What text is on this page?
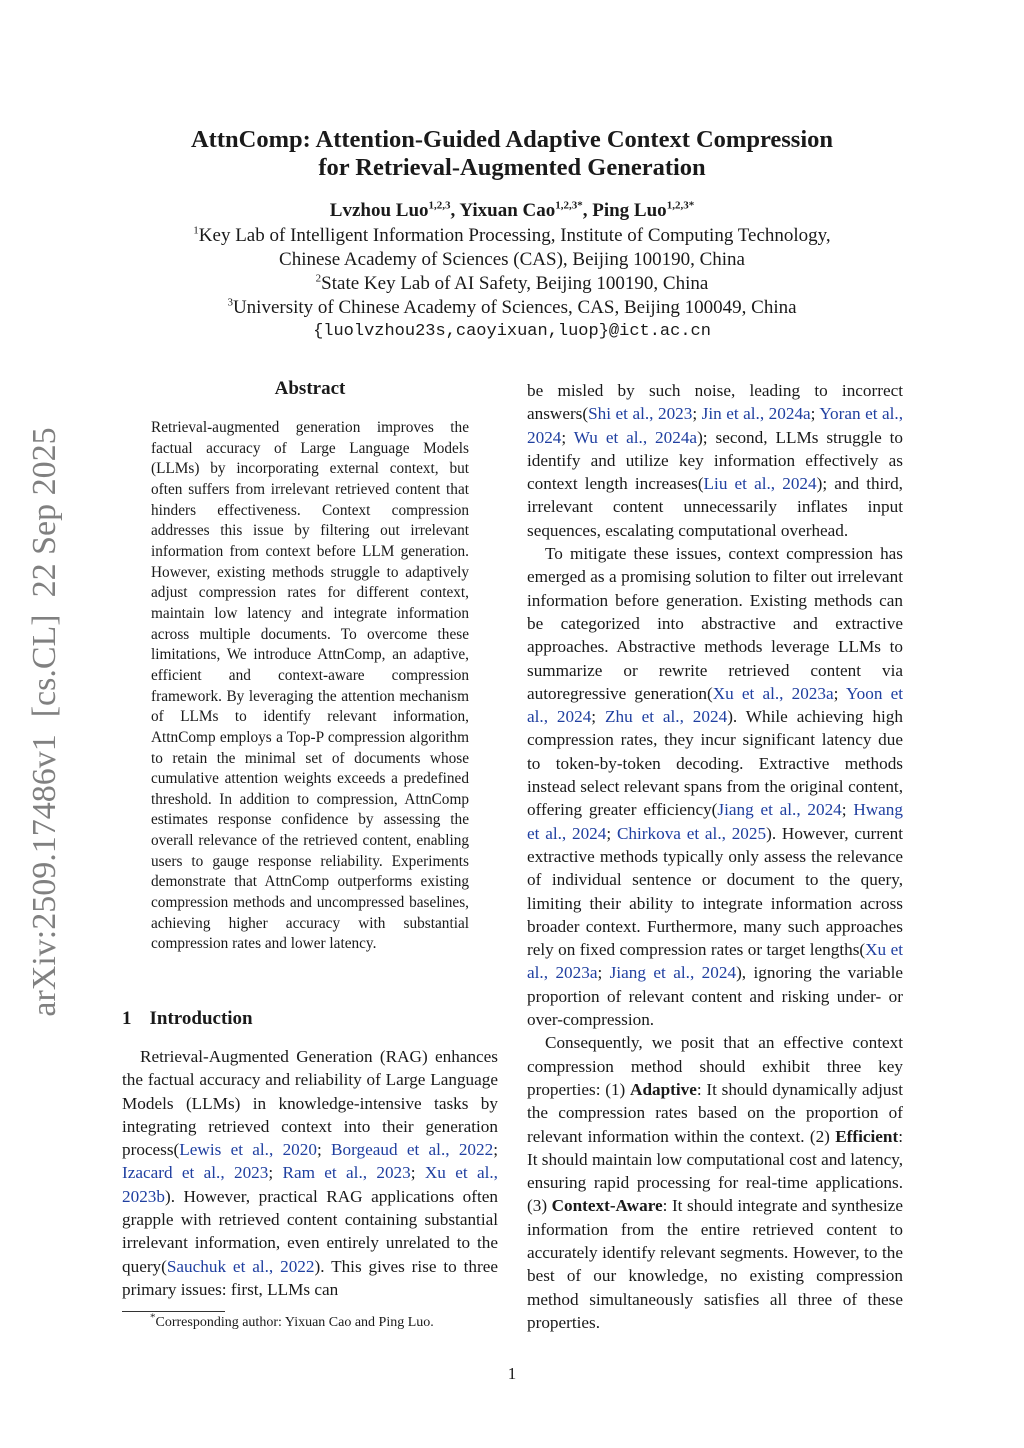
arXiv:2509.17486v1  [cs.CL]  22 Sep 2025
AttnComp: Attention-Guided Adaptive Context Compression
for Retrieval-Augmented Generation
Lvzhou Luo$^{1,2,3}$, Yixuan Cao$^{1,2,3*}$, Ping Luo$^{1,2,3*}$
$^1$Key Lab of Intelligent Information Processing, Institute of Computing Technology,
Chinese Academy of Sciences (CAS), Beijing 100190, China
$^2$State Key Lab of AI Safety, Beijing 100190, China
$^3$University of Chinese Academy of Sciences, CAS, Beijing 100049, China
{luolvzhou23s,caoyixuan,luop}@ict.ac.cn
Abstract
Retrieval-augmented generation improves the factual accuracy of Large Language Models (LLMs) by incorporating external context, but often suffers from irrelevant retrieved content that hinders effectiveness. Context compression addresses this issue by filtering out irrelevant information from context before LLM generation. However, existing methods struggle to adaptively adjust compression rates for different context, maintain low latency and integrate information across multiple documents. To overcome these limitations, We introduce AttnComp, an adaptive, efficient and context-aware compression framework. By leveraging the attention mechanism of LLMs to identify relevant information, AttnComp employs a Top-P compression algorithm to retain the minimal set of documents whose cumulative attention weights exceeds a predefined threshold. In addition to compression, AttnComp estimates response confidence by assessing the overall relevance of the retrieved content, enabling users to gauge response reliability. Experiments demonstrate that AttnComp outperforms existing compression methods and uncompressed baselines, achieving higher accuracy with substantial compression rates and lower latency.
1 Introduction

Retrieval-Augmented Generation (RAG) enhances the factual accuracy and reliability of Large Language Models (LLMs) in knowledge-intensive tasks by integrating retrieved context into their generation process(Lewis et al., 2020; Borgeaud et al., 2022; Izacard et al., 2023; Ram et al., 2023; Xu et al., 2023b). However, practical RAG applications often grapple with retrieved content containing substantial irrelevant information, even entirely unrelated to the query(Sauchuk et al., 2022). This gives rise to three primary issues: first, LLMs can

be misled by such noise, leading to incorrect answers(Shi et al., 2023; Jin et al., 2024a; Yoran et al., 2024; Wu et al., 2024a); second, LLMs struggle to identify and utilize key information effectively as context length increases(Liu et al., 2024); and third, irrelevant content unnecessarily inflates input sequences, escalating computational overhead.

To mitigate these issues, context compression has emerged as a promising solution to filter out irrelevant information before generation. Existing methods can be categorized into abstractive and extractive approaches. Abstractive methods leverage LLMs to summarize or rewrite retrieved content via autoregressive generation(Xu et al., 2023a; Yoon et al., 2024; Zhu et al., 2024). While achieving high compression rates, they incur significant latency due to token-by-token decoding. Extractive methods instead select relevant spans from the original content, offering greater efficiency(Jiang et al., 2024; Hwang et al., 2024; Chirkova et al., 2025). However, current extractive methods typically only assess the relevance of individual sentence or document to the query, limiting their ability to integrate information across broader context. Furthermore, many such approaches rely on fixed compression rates or target lengths(Xu et al., 2023a; Jiang et al., 2024), ignoring the variable proportion of relevant content and risking under- or over-compression.

Consequently, we posit that an effective context compression method should exhibit three key properties: (1) Adaptive: It should dynamically adjust the compression rates based on the proportion of relevant information within the context. (2) Efficient: It should maintain low computational cost and latency, ensuring rapid processing for real-time applications. (3) Context-Aware: It should integrate and synthesize information from the entire retrieved content to accurately identify relevant segments. However, to the best of our knowledge, no existing compression method simultaneously satisfies all three of these properties.

*Corresponding author: Yixuan Cao and Ping Luo.
1
